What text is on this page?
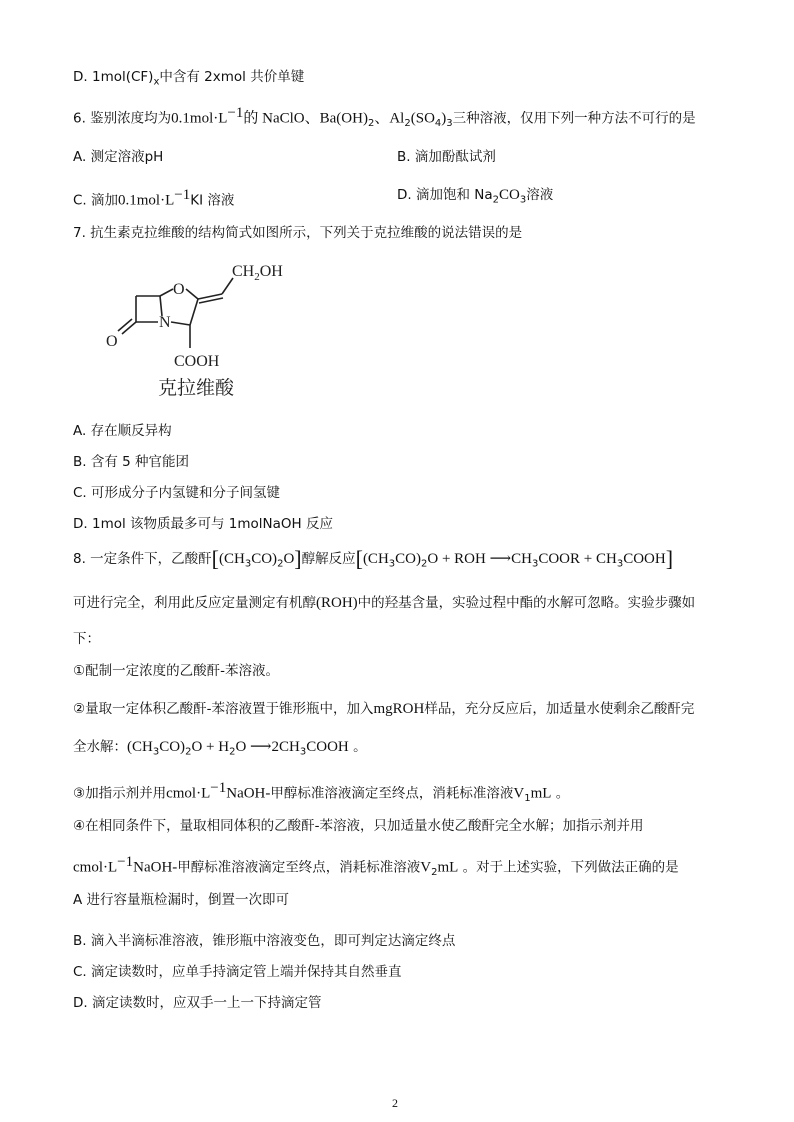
D. $1mol(CF)_x$中含有 2xmol 共价单键
6. 鉴别浓度均为$0.1mol\cdot L^{-1}$的 NaClO、$Ba(OH)_2$、$Al_2(SO_4)_3$三种溶液，仅用下列一种方法不可行的是
A. 测定溶液pH	B. 滴加酚酞试剂
C. 滴加$0.1mol\cdot L^{-1}KI$ 溶液	D. 滴加饱和 $Na_2CO_3$溶液
7. 抗生素克拉维酸的结构简式如图所示，下列关于克拉维酸的说法错误的是
$CH_2OH$
O
N
O
COOH
克拉维酸
A. 存在顺反异构
B. 含有 5 种官能团
C. 可形成分子内氢键和分子间氢键
D. 1mol 该物质最多可与 1molNaOH 反应
8. 一定条件下，乙酸酐$[(CH_3CO)_2O]$醇解反应[$(CH_3CO)_2O$ + ROH $⟶CH_3COOR$ + $CH_3COOH$]
可进行完全，利用此反应定量测定有机醇(ROH)中的羟基含量，实验过程中酯的水解可忽略。实验步骤如
下：
①配制一定浓度的乙酸酐-苯溶液。
②量取一定体积乙酸酐-苯溶液置于锥形瓶中，加入mgROH样品，充分反应后，加适量水使剩余乙酸酐完
全水解：$(CH_3CO)_2O + H_2O$ $⟶2CH_3COOH$ 。
③加指示剂并用$cmol\cdot L^{-1}NaOH-$甲醇标准溶液滴定至终点，消耗标准溶液$V_1mL$ 。
④在相同条件下，量取相同体积的乙酸酐-苯溶液，只加适量水使乙酸酐完全水解；加指示剂并用
$cmol\cdot L^{-1}NaOH-$甲醇标准溶液滴定至终点，消耗标准溶液$V_2mL$ 。对于上述实验，下列做法正确的是
A 进行容量瓶检漏时，倒置一次即可
B. 滴入半滴标准溶液，锥形瓶中溶液变色，即可判定达滴定终点
C. 滴定读数时，应单手持滴定管上端并保持其自然垂直
D. 滴定读数时，应双手一上一下持滴定管
2
